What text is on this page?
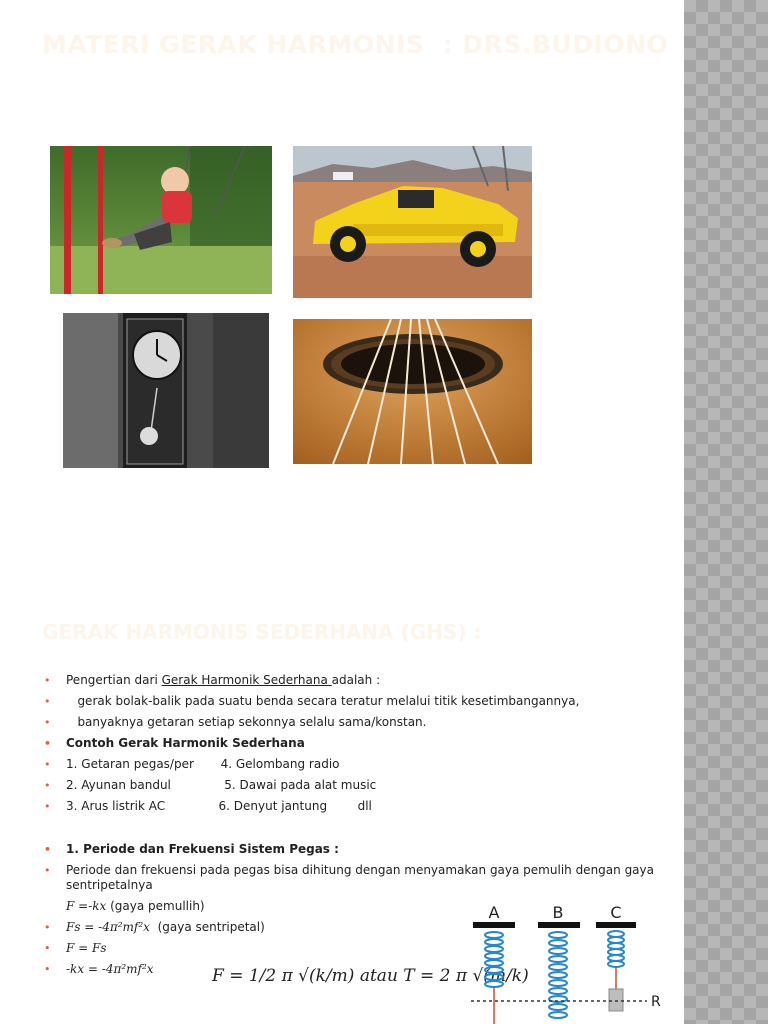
MATERI GERAK HARMONIS  : DRS.BUDIONO
GERAK HARMONIS SEDERHANA (GHS) :
• Pengertian dari Gerak Harmonik Sederhana adalah :
•    gerak bolak-balik pada suatu benda secara teratur melalui titik kesetimbangannya,
•    banyaknya getaran setiap sekonnya selalu sama/konstan.
• Contoh Gerak Harmonik Sederhana
• 1. Getaran pegas/per       4. Gelombang radio
• 2. Ayunan bandul              5. Dawai pada alat music
• 3. Arus listrik AC              6. Denyut jantung        dll
• 1. Periode dan Frekuensi Sistem Pegas :
• Periode dan frekuensi pada pegas bisa dihitung dengan menyamakan gaya pemulih dengan gaya sentripetalnya
F =-kx (gaya pemullih)
• Fs = -4π²mf²x  (gaya sentripetal)
• F = Fs
• -kx = -4π²mf²x	F = 1/2 π √(k/m) atau T = 2 π √(m/k)
A	B	C
R
